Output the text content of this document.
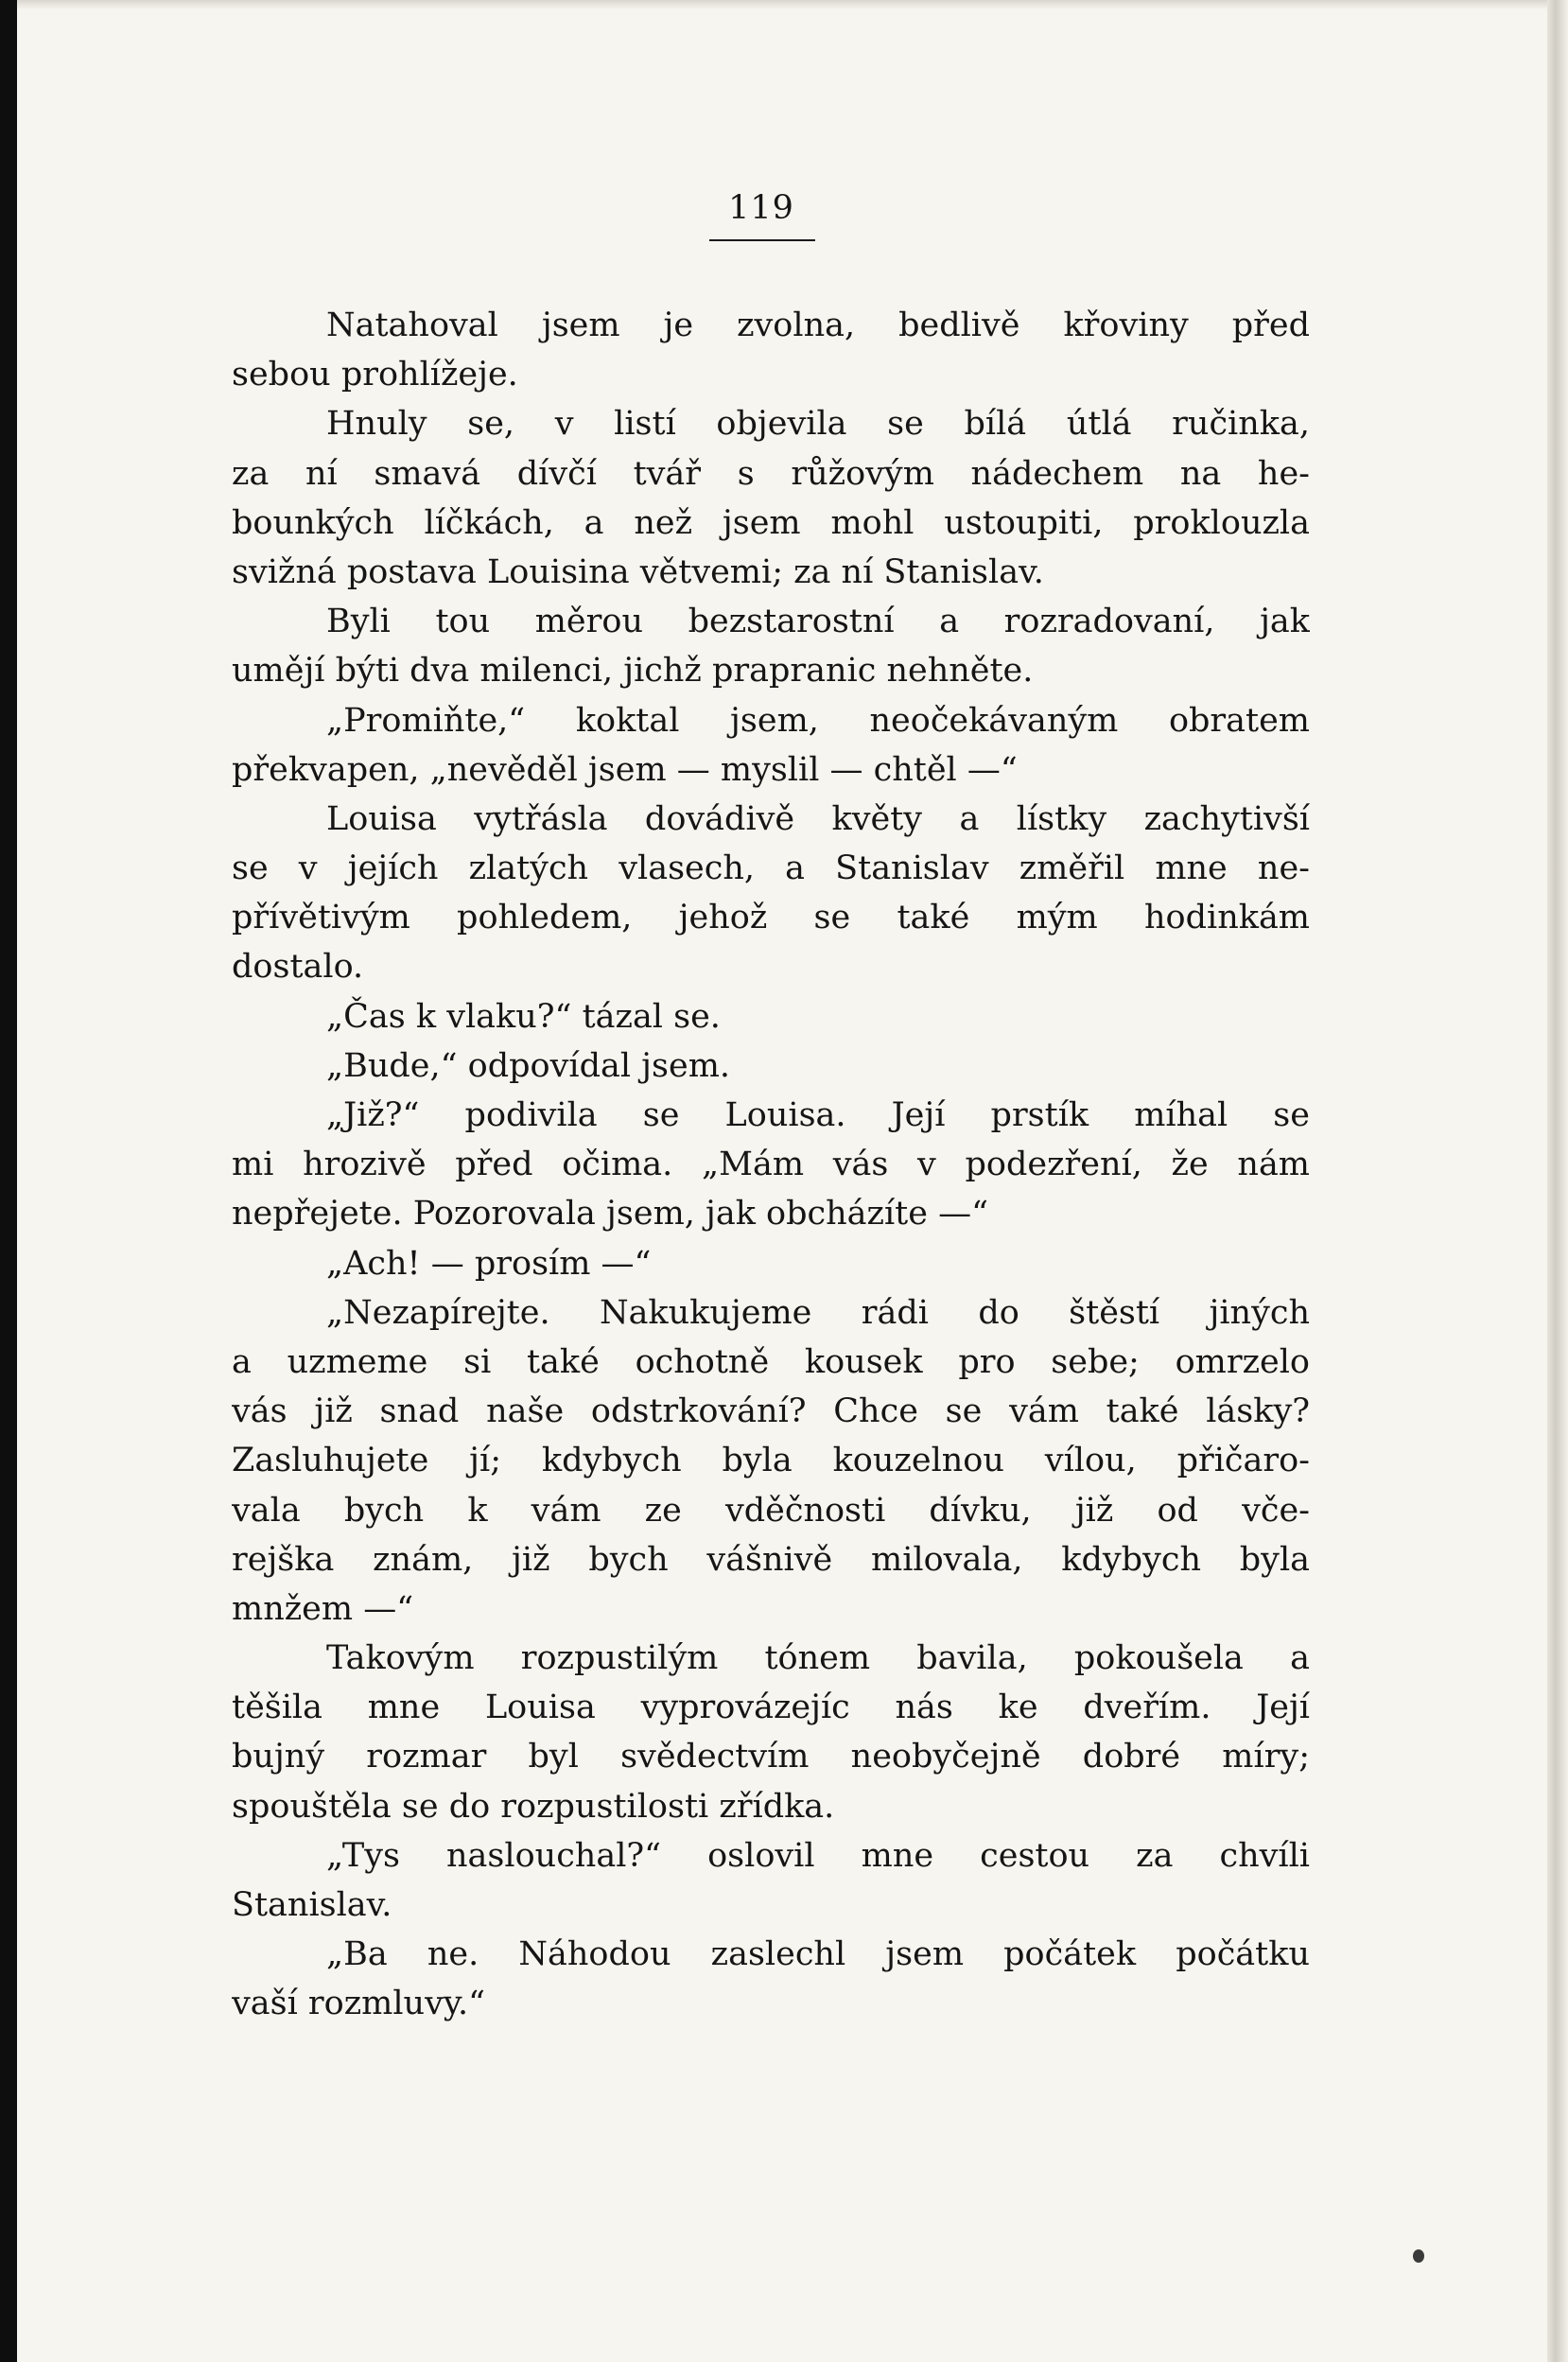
119
Natahoval jsem je zvolna, bedlivě křoviny před
sebou prohlížeje.
Hnuly se, v listí objevila se bílá útlá ručinka,
za ní smavá dívčí tvář s růžovým nádechem na he-
bounkých líčkách, a než jsem mohl ustoupiti, proklouzla
svižná postava Louisina větvemi; za ní Stanislav.
Byli tou měrou bezstarostní a rozradovaní, jak
umějí býti dva milenci, jichž prapranic nehněte.
„Promiňte,“ koktal jsem, neočekávaným obratem
překvapen, „nevěděl jsem — myslil — chtěl —“
Louisa vytřásla dovádivě květy a lístky zachytivší
se v jejích zlatých vlasech, a Stanislav změřil mne ne-
přívětivým pohledem, jehož se také mým hodinkám
dostalo.
„Čas k vlaku?“ tázal se.
„Bude,“ odpovídal jsem.
„Již?“ podivila se Louisa. Její prstík míhal se
mi hrozivě před očima. „Mám vás v podezření, že nám
nepřejete. Pozorovala jsem, jak obcházíte —“
„Ach! — prosím —“
„Nezapírejte. Nakukujeme rádi do štěstí jiných
a uzmeme si také ochotně kousek pro sebe; omrzelo
vás již snad naše odstrkování? Chce se vám také lásky?
Zasluhujete jí; kdybych byla kouzelnou vílou, přičaro-
vala bych k vám ze vděčnosti dívku, již od vče-
rejška znám, již bych vášnivě milovala, kdybych byla
mnžem —“
Takovým rozpustilým tónem bavila, pokoušela a
těšila mne Louisa vyprovázejíc nás ke dveřím. Její
bujný rozmar byl svědectvím neobyčejně dobré míry;
spouštěla se do rozpustilosti zřídka.
„Tys naslouchal?“ oslovil mne cestou za chvíli
Stanislav.
„Ba ne. Náhodou zaslechl jsem počátek počátku
vaší rozmluvy.“
